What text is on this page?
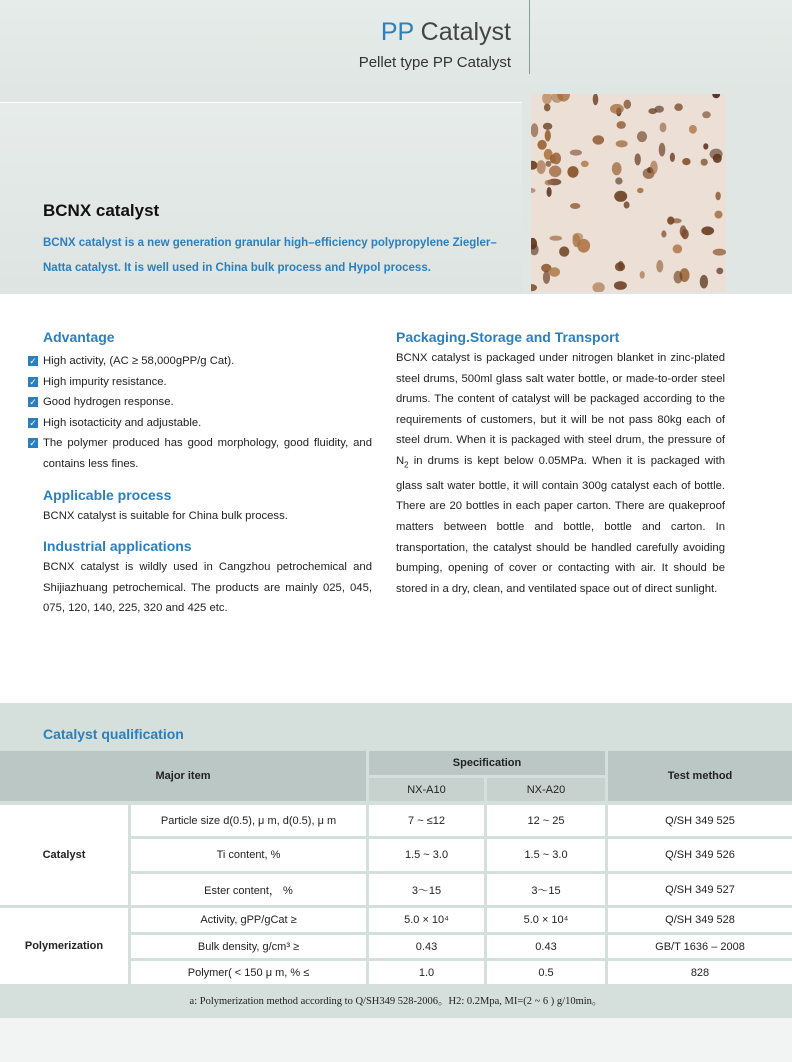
PP Catalyst
Pellet type PP Catalyst
BCNX catalyst
BCNX catalyst is a new generation granular high–efficiency polypropylene Ziegler–Natta catalyst. It is well used in China bulk process and Hypol process.
Advantage
✓ High activity, (AC ≥ 58,000gPP/g Cat).
✓ High impurity resistance.
✓ Good hydrogen response.
✓ High isotacticity and adjustable.
✓ The polymer produced has good morphology, good fluidity, and contains less fines.
Applicable process
BCNX catalyst is suitable for China bulk process.
Industrial applications
BCNX catalyst is wildly used in Cangzhou petrochemical and Shijiazhuang petrochemical. The products are mainly 025, 045, 075, 120, 140, 225, 320 and 425 etc.
Packaging.Storage and Transport
BCNX catalyst is packaged under nitrogen blanket in zinc-plated steel drums, 500ml glass salt water bottle, or made-to-order steel drums. The content of catalyst will be packaged according to the requirements of customers, but it will be not pass 80kg each of steel drum. When it is packaged with steel drum, the pressure of $N_2$ in drums is kept below 0.05MPa. When it is packaged with glass salt water bottle, it will contain 300g catalyst each of bottle. There are 20 bottles in each paper carton. There are quakeproof matters between bottle and bottle, bottle and carton. In transportation, the catalyst should be handled carefully avoiding bumping, opening of cover or contacting with air. It should be stored in a dry, clean, and ventilated space out of direct sunlight.
Catalyst qualification
Major item
Specification
NX-A10	NX-A20
Test method
Catalyst
Polymerization
Particle size d(0.5), μ m, d(0.5), μ m	7 ~ ≤12	12 ~ 25	Q/SH 349 525
Ti content, %	1.5 ~ 3.0	1.5 ~ 3.0	Q/SH 349 526
Ester content， %	3～15	3～15	Q/SH 349 527
Activity, gPP/gCat ≥	5.0 × 10⁴	5.0 × 10⁴	Q/SH 349 528
Bulk density, g/cm³ ≥	0.43	0.43	GB/T 1636 – 2008
Polymer( < 150 μ m, % ≤	1.0	0.5	828
a: Polymerization method according to Q/SH349 528-2006。H2: 0.2Mpa, MI=(2 ~ 6 ) g/10min。
